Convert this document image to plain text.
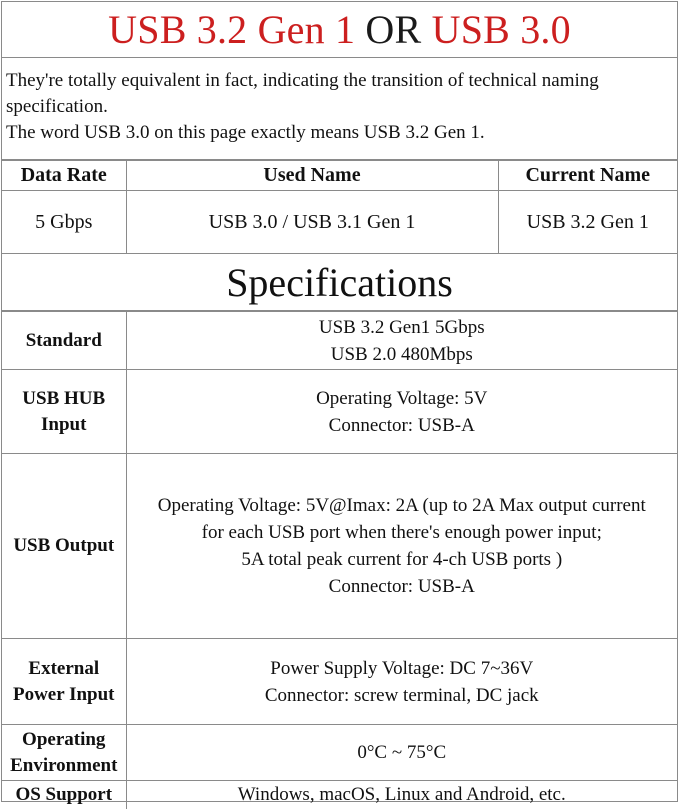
USB 3.2 Gen 1 OR USB 3.0
They're totally equivalent in fact, indicating the transition of technical naming
specification.
The word USB 3.0 on this page exactly means USB 3.2 Gen 1.
Data Rate	Used Name	Current Name
5 Gbps	USB 3.0 / USB 3.1 Gen 1	USB 3.2 Gen 1
Specifications
Standard	USB 3.2 Gen1 5Gbps
USB 2.0 480Mbps

USB HUB
Input	Operating Voltage: 5V
Connector: USB-A

USB Output	Operating Voltage: 5V@Imax: 2A (up to 2A Max output current
for each USB port when there's enough power input;
5A total peak current for 4-ch USB ports )
Connector: USB-A

External
Power Input	Power Supply Voltage: DC 7~36V
Connector: screw terminal, DC jack

Operating
Environment	0°C ~ 75°C
OS Support	Windows, macOS, Linux and Android, etc.
